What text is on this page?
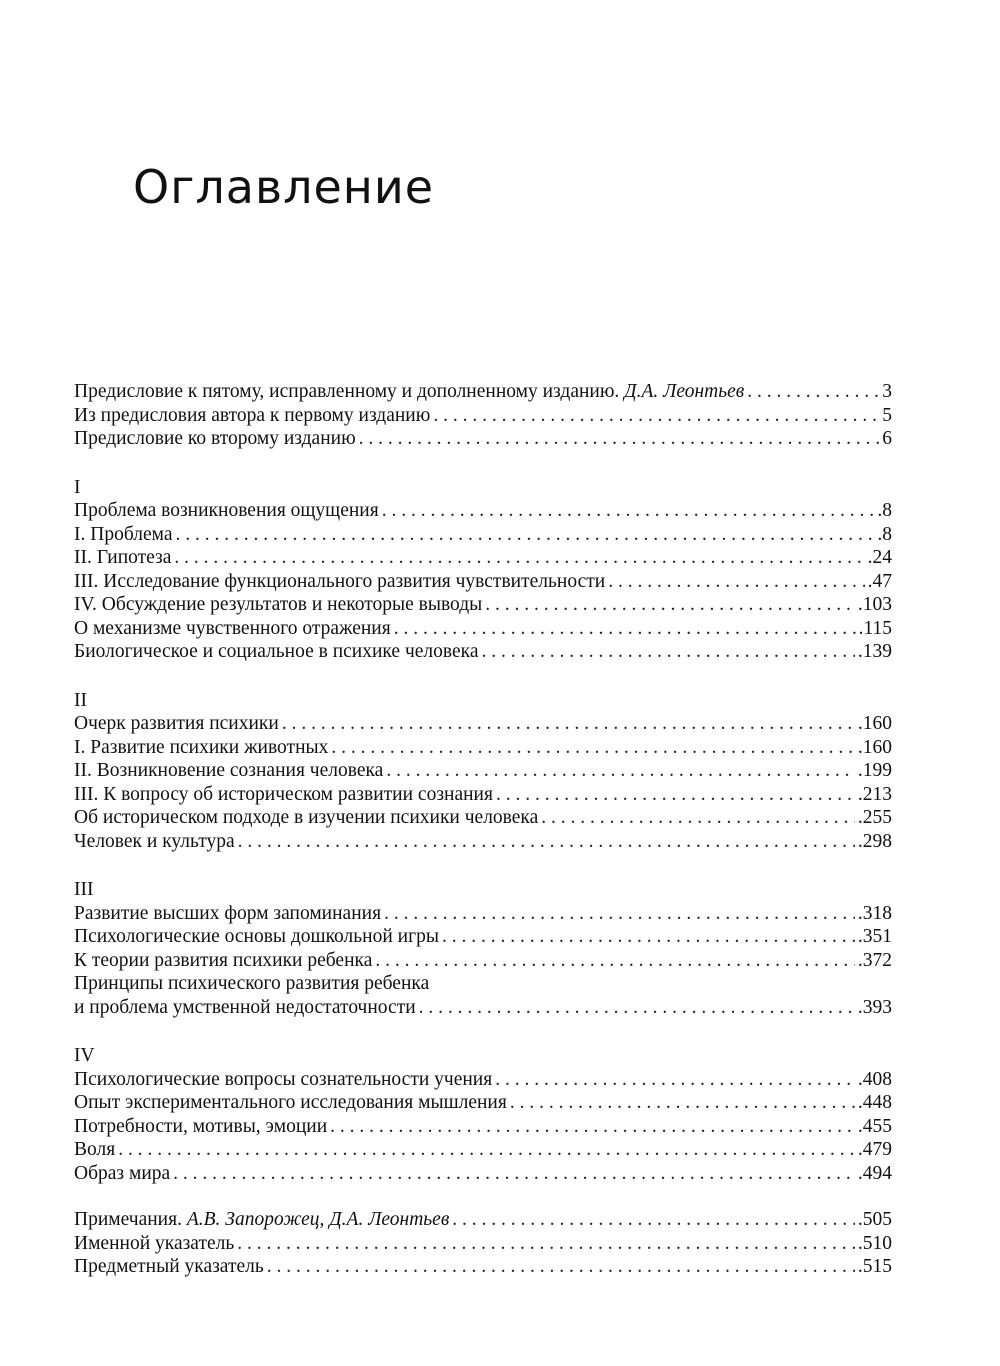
Оглавление
Предисловие к пятому, исправленному и дополненному изданию. Д.А. Леонтьев . . .	3
Из предисловия автора к первому изданию . . .	5
Предисловие ко второму изданию . . .	6
I
Проблема возникновения ощущения . . .	.8
I. Проблема . . .	.8
II. Гипотеза . . .	.24
III. Исследование функционального развития чувствительности . . .	.47
IV. Обсуждение результатов и некоторые выводы . . .	.103
О механизме чувственного отражения . . .	.115
Биологическое и социальное в психике человека . . .	.139
II
Очерк развития психики . . .	.160
I. Развитие психики животных . . .	.160
II. Возникновение сознания человека . . .	.199
III. К вопросу об историческом развитии сознания . . .	.213
Об историческом подходе в изучении психики человека . . .	.255
Человек и культура . . .	.298
III
Развитие высших форм запоминания . . .	.318
Психологические основы дошкольной игры . . .	.351
К теории развития психики ребенка . . .	.372
Принципы психического развития ребенка
и проблема умственной недостаточности . . .	.393
IV
Психологические вопросы сознательности учения . . .	.408
Опыт экспериментального исследования мышления . . .	.448
Потребности, мотивы, эмоции . . .	.455
Воля . . .	.479
Образ мира . . .	.494
Примечания. А.В. Запорожец, Д.А. Леонтьев . . .	.505
Именной указатель . . .	.510
Предметный указатель . . .	.515
